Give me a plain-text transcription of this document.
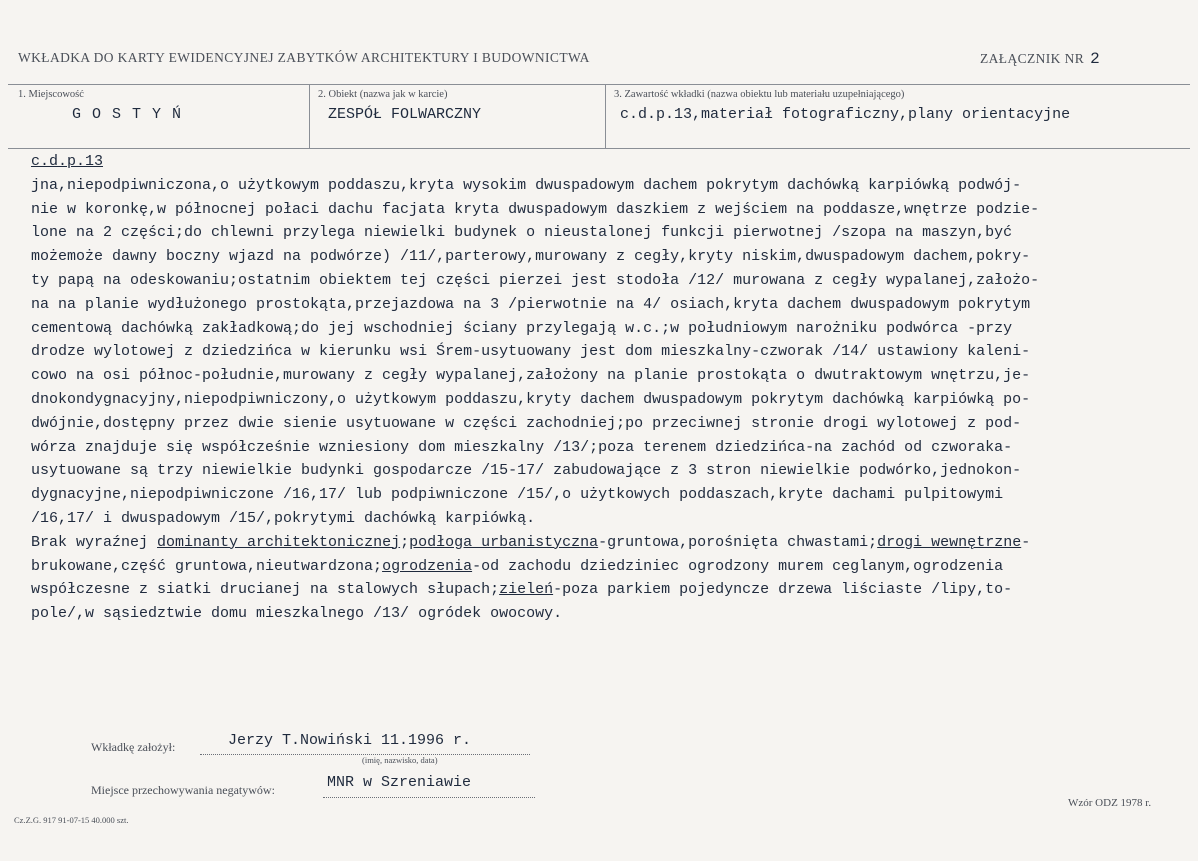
WKŁADKA DO KARTY EWIDENCYJNEJ ZABYTKÓW ARCHITEKTURY I BUDOWNICTWA	ZAŁĄCZNIK NR 2
1. Miejscowość
G O S T Y Ń
2. Obiekt (nazwa jak w karcie)
ZESPÓŁ FOLWARCZNY
3. Zawartość wkładki (nazwa obiektu lub materiału uzupełniającego)
c.d.p.13,materiał fotograficzny,plany orientacyjne
c.d.p.13
jna,niepodpiwniczona,o użytkowym poddaszu,kryta wysokim dwuspadowym dachem pokrytym dachówką karpiówką podwój-
nie w koronkę,w północnej połaci dachu facjata kryta dwuspadowym daszkiem z wejściem na poddasze,wnętrze podzie-
lone na 2 części;do chlewni przylega niewielki budynek o nieustalonej funkcji pierwotnej /szopa na maszyn,być
możemoże dawny boczny wjazd na podwórze) /11/,parterowy,murowany z cegły,kryty niskim,dwuspadowym dachem,pokry-
ty papą na odeskowaniu;ostatnim obiektem tej części pierzei jest stodoła /12/ murowana z cegły wypalanej,założo-
na na planie wydłużonego prostokąta,przejazdowa na 3 /pierwotnie na 4/ osiach,kryta dachem dwuspadowym pokrytym
cementową dachówką zakładkową;do jej wschodniej ściany przylegają w.c.;w południowym narożniku podwórca -przy
drodze wylotowej z dziedzińca w kierunku wsi Śrem-usytuowany jest dom mieszkalny-czworak /14/ ustawiony kaleni-
cowo na osi północ-południe,murowany z cegły wypalanej,założony na planie prostokąta o dwutraktowym wnętrzu,je-
dnokondygnacyjny,niepodpiwniczony,o użytkowym poddaszu,kryty dachem dwuspadowym pokrytym dachówką karpiówką po-
dwójnie,dostępny przez dwie sienie usytuowane w części zachodniej;po przeciwnej stronie drogi wylotowej z pod-
wórza znajduje się współcześnie wzniesiony dom mieszkalny /13/;poza terenem dziedzińca-na zachód od czworaka-
usytuowane są trzy niewielkie budynki gospodarcze /15-17/ zabudowające z 3 stron niewielkie podwórko,jednokon-
dygnacyjne,niepodpiwniczone /16,17/ lub podpiwniczone /15/,o użytkowych poddaszach,kryte dachami pulpitowymi
/16,17/ i dwuspadowym /15/,pokrytymi dachówką karpiówką.
Brak wyraźnej dominanty architektonicznej;podłoga urbanistyczna-gruntowa,porośnięta chwastami;drogi wewnętrzne-
brukowane,część gruntowa,nieutwardzona;ogrodzenia-od zachodu dziedziniec ogrodzony murem ceglanym,ogrodzenia
współczesne z siatki drucianej na stalowych słupach;zieleń-poza parkiem pojedyncze drzewa liściaste /lipy,to-
pole/,w sąsiedztwie domu mieszkalnego /13/ ogródek owocowy.
Wkładkę założył:	Jerzy T.Nowiński 11.1996 r.
(imię, nazwisko, data)
Miejsce przechowywania negatywów:	MNR w Szreniawie
Cz.Z.G. 917 91-07-15 40.000 szt.
Wzór ODZ 1978 r.
